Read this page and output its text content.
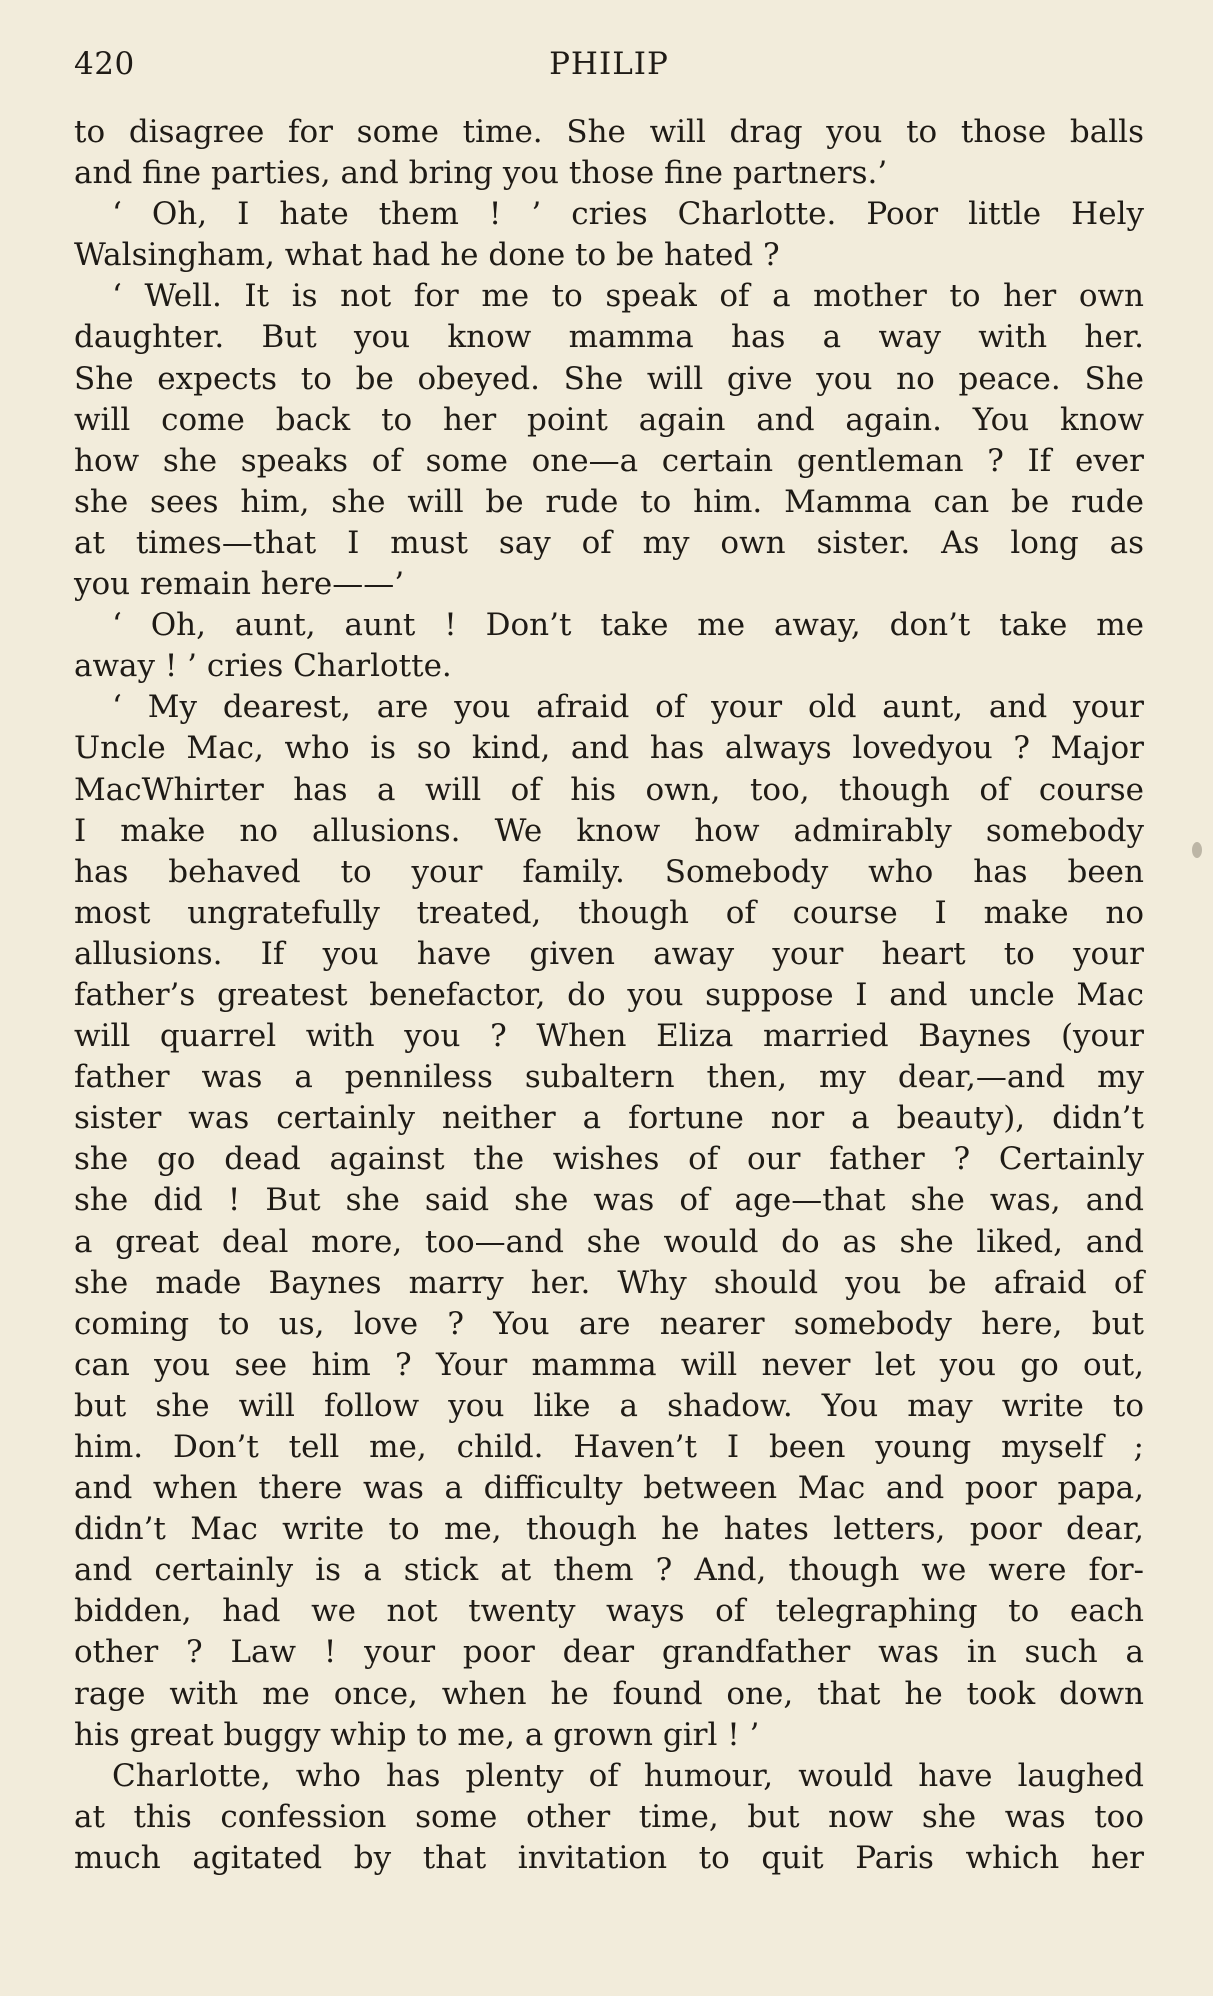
420	PHILIP
to disagree for some time. She will drag you to those balls
and fine parties, and bring you those fine partners.’
‘ Oh, I hate them ! ’ cries Charlotte. Poor little Hely
Walsingham, what had he done to be hated ?
‘ Well. It is not for me to speak of a mother to her own
daughter. But you know mamma has a way with her.
She expects to be obeyed. She will give you no peace. She
will come back to her point again and again. You know
how she speaks of some one—a certain gentleman ? If ever
she sees him, she will be rude to him. Mamma can be rude
at times—that I must say of my own sister. As long as
you remain here——’
‘ Oh, aunt, aunt ! Don’t take me away, don’t take me
away ! ’ cries Charlotte.
‘ My dearest, are you afraid of your old aunt, and your
Uncle Mac, who is so kind, and has always lovedyou ? Major
MacWhirter has a will of his own, too, though of course
I make no allusions. We know how admirably somebody
has behaved to your family. Somebody who has been
most ungratefully treated, though of course I make no
allusions. If you have given away your heart to your
father’s greatest benefactor, do you suppose I and uncle Mac
will quarrel with you ? When Eliza married Baynes (your
father was a penniless subaltern then, my dear,—and my
sister was certainly neither a fortune nor a beauty), didn’t
she go dead against the wishes of our father ? Certainly
she did ! But she said she was of age—that she was, and
a great deal more, too—and she would do as she liked, and
she made Baynes marry her. Why should you be afraid of
coming to us, love ? You are nearer somebody here, but
can you see him ? Your mamma will never let you go out,
but she will follow you like a shadow. You may write to
him. Don’t tell me, child. Haven’t I been young myself ;
and when there was a difficulty between Mac and poor papa,
didn’t Mac write to me, though he hates letters, poor dear,
and certainly is a stick at them ? And, though we were for-
bidden, had we not twenty ways of telegraphing to each
other ? Law ! your poor dear grandfather was in such a
rage with me once, when he found one, that he took down
his great buggy whip to me, a grown girl ! ’
Charlotte, who has plenty of humour, would have laughed
at this confession some other time, but now she was too
much agitated by that invitation to quit Paris which her
